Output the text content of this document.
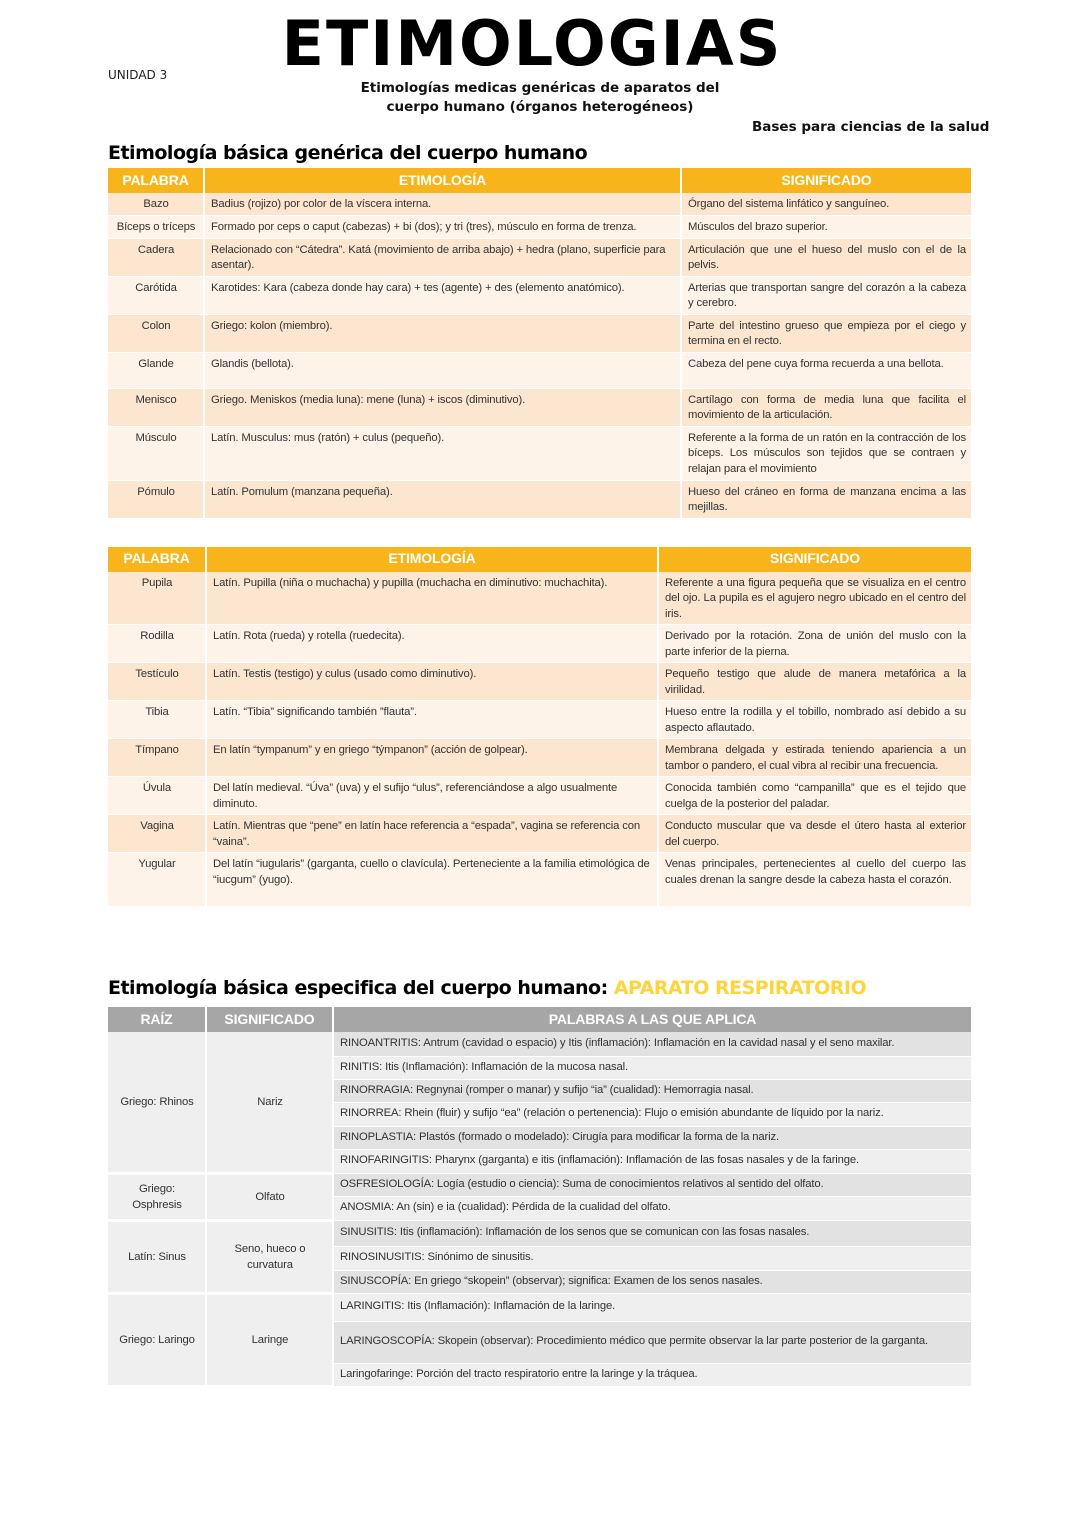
UNIDAD 3	ETIMOLOGIAS
Etimologías medicas genéricas de aparatos del cuerpo humano (órganos heterogéneos)
Bases para ciencias de la salud
Etimología básica genérica del cuerpo humano
PALABRA	ETIMOLOGÍA	SIGNIFICADO
Bazo	Badius (rojizo) por color de la víscera interna.	Órgano del sistema linfático y sanguíneo.
Bíceps o tríceps	Formado por ceps o caput (cabezas) + bi (dos); y tri (tres), músculo en forma de trenza.	Músculos del brazo superior.
Cadera	Relacionado con “Cátedra”. Katá (movimiento de arriba abajo) + hedra (plano, superficie para asentar).	Articulación que une el hueso del muslo con el de la pelvis.
Carótida	Karotides: Kara (cabeza donde hay cara) + tes (agente) + des (elemento anatómico).	Arterias que transportan sangre del corazón a la cabeza y cerebro.
Colon	Griego: kolon (miembro).	Parte del intestino grueso que empieza por el ciego y termina en el recto.
Glande	Glandis (bellota).	Cabeza del pene cuya forma recuerda a una bellota.
Menisco	Griego. Meniskos (media luna): mene (luna) + iscos (diminutivo).	Cartílago con forma de media luna que facilita el movimiento de la articulación.
Músculo	Latín. Musculus: mus (ratón) + culus (pequeño).	Referente a la forma de un ratón en la contracción de los bíceps. Los músculos son tejidos que se contraen y relajan para el movimiento
Pómulo	Latín. Pomulum (manzana pequeña).	Hueso del cráneo en forma de manzana encima a las mejillas.
PALABRA	ETIMOLOGÍA	SIGNIFICADO
Pupila	Latín. Pupilla (niña o muchacha) y pupilla (muchacha en diminutivo: muchachita).	Referente a una figura pequeña que se visualiza en el centro del ojo. La pupila es el agujero negro ubicado en el centro del iris.
Rodilla	Latín. Rota (rueda) y rotella (ruedecita).	Derivado por la rotación. Zona de unión del muslo con la parte inferior de la pierna.
Testículo	Latín. Testis (testigo) y culus (usado como diminutivo).	Pequeño testigo que alude de manera metafórica a la virilidad.
Tibia	Latín. “Tibia” significando también ”flauta”.	Hueso entre la rodilla y el tobillo, nombrado así debido a su aspecto aflautado.
Tímpano	En latín “tympanum” y en griego “týmpanon” (acción de golpear).	Membrana delgada y estirada teniendo apariencia a un tambor o pandero, el cual vibra al recibir una frecuencia.
Úvula	Del latín medieval. “Úva” (uva) y el sufijo “ulus”, referenciándose a algo usualmente diminuto.	Conocida también como “campanilla” que es el tejido que cuelga de la posterior del paladar.
Vagina	Latín. Mientras que “pene” en latín hace referencia a “espada”, vagina se referencia con “vaina”.	Conducto muscular que va desde el útero hasta al exterior del cuerpo.
Yugular	Del latín “iugularis” (garganta, cuello o clavícula). Perteneciente a la familia etimológica de “iucgum” (yugo).	Venas principales, pertenecientes al cuello del cuerpo las cuales drenan la sangre desde la cabeza hasta el corazón.
Etimología básica especifica del cuerpo humano: APARATO RESPIRATORIO
RAÍZ	SIGNIFICADO	PALABRAS A LAS QUE APLICA
Griego: Rhinos	Nariz	RINOANTRITIS: Antrum (cavidad o espacio) y Itis (inflamación): Inflamación en la cavidad nasal y el seno maxilar.
		RINITIS: Itis (Inflamación): Inflamación de la mucosa nasal.
		RINORRAGIA: Regnynai (romper o manar) y sufijo “ia” (cualidad): Hemorragia nasal.
		RINORREA: Rhein (fluir) y sufijo “ea” (relación o pertenencia): Flujo o emisión abundante de líquido por la nariz.
		RINOPLASTIA: Plastós (formado o modelado): Cirugía para modificar la forma de la nariz.
		RINOFARINGITIS: Pharynx (garganta) e itis (inflamación): Inflamación de las fosas nasales y de la faringe.
Griego: Osphresis	Olfato	OSFRESIOLOGÍA: Logía (estudio o ciencia): Suma de conocimientos relativos al sentido del olfato.
		ANOSMIA: An (sin) e ia (cualidad): Pérdida de la cualidad del olfato.
Latín: Sinus	Seno, hueco o curvatura	SINUSITIS: Itis (inflamación): Inflamación de los senos que se comunican con las fosas nasales.
		RINOSINUSITIS: Sinónimo de sinusitis.
		SINUSCOPÍA: En griego “skopein” (observar); significa: Examen de los senos nasales.
Griego: Laringo	Laringe	LARINGITIS: Itis (Inflamación): Inflamación de la laringe.
		LARINGOSCOPÍA: Skopein (observar): Procedimiento médico que permite observar la lar parte posterior de la garganta.
		Laringofaringe: Porción del tracto respiratorio entre la laringe y la tráquea.
